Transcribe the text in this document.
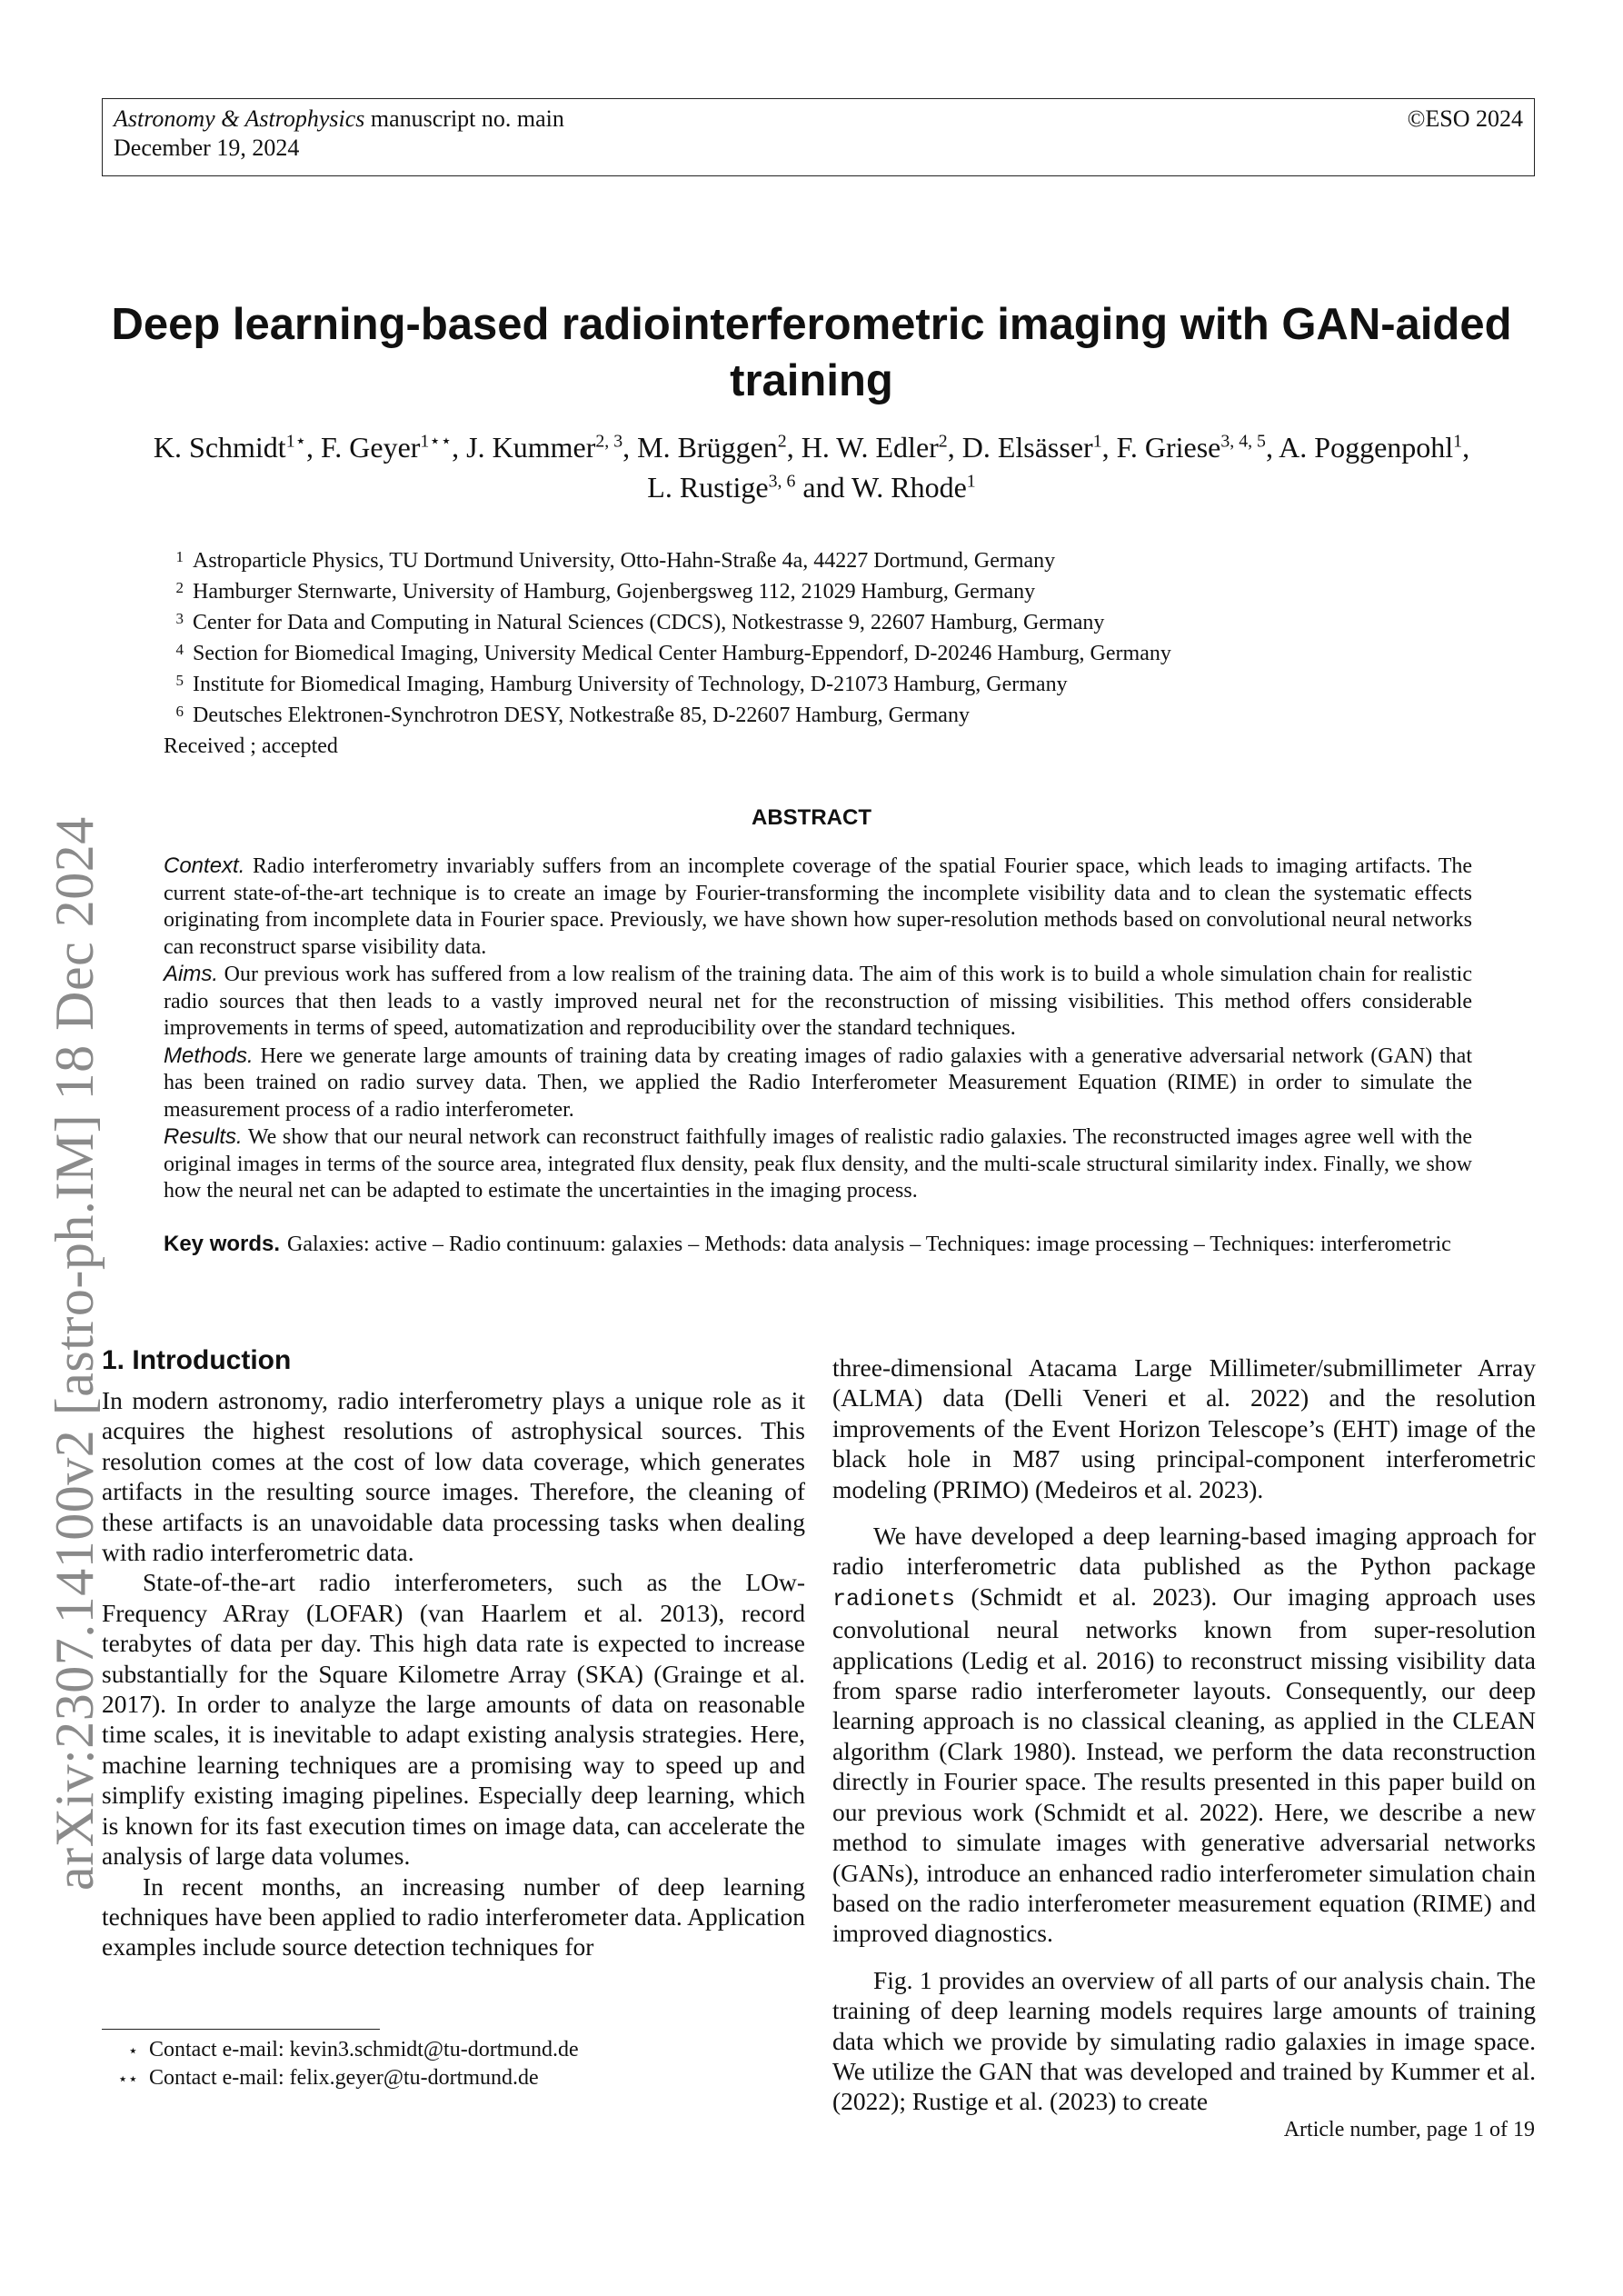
Astronomy & Astrophysics manuscript no. main
December 19, 2024
©ESO 2024
arXiv:2307.14100v2 [astro-ph.IM] 18 Dec 2024
Deep learning-based radiointerferometric imaging with GAN-aided training
K. Schmidt$^{1⋆}$, F. Geyer$^{1⋆⋆}$, J. Kummer$^{2, 3}$, M. Brüggen$^2$, H. W. Edler$^2$, D. Elsässer$^1$, F. Griese$^{3, 4, 5}$, A. Poggenpohl$^1$,
L. Rustige$^{3, 6}$ and W. Rhode$^1$
1 Astroparticle Physics, TU Dortmund University, Otto-Hahn-Straße 4a, 44227 Dortmund, Germany
2 Hamburger Sternwarte, University of Hamburg, Gojenbergsweg 112, 21029 Hamburg, Germany
3 Center for Data and Computing in Natural Sciences (CDCS), Notkestrasse 9, 22607 Hamburg, Germany
4 Section for Biomedical Imaging, University Medical Center Hamburg-Eppendorf, D-20246 Hamburg, Germany
5 Institute for Biomedical Imaging, Hamburg University of Technology, D-21073 Hamburg, Germany
6 Deutsches Elektronen-Synchrotron DESY, Notkestraße 85, D-22607 Hamburg, Germany
Received ; accepted
ABSTRACT

Context. Radio interferometry invariably suffers from an incomplete coverage of the spatial Fourier space, which leads to imaging artifacts. The current state-of-the-art technique is to create an image by Fourier-transforming the incomplete visibility data and to clean the systematic effects originating from incomplete data in Fourier space. Previously, we have shown how super-resolution methods based on convolutional neural networks can reconstruct sparse visibility data.

Aims. Our previous work has suffered from a low realism of the training data. The aim of this work is to build a whole simulation chain for realistic radio sources that then leads to a vastly improved neural net for the reconstruction of missing visibilities. This method offers considerable improvements in terms of speed, automatization and reproducibility over the standard techniques.

Methods. Here we generate large amounts of training data by creating images of radio galaxies with a generative adversarial network (GAN) that has been trained on radio survey data. Then, we applied the Radio Interferometer Measurement Equation (RIME) in order to simulate the measurement process of a radio interferometer.

Results. We show that our neural network can reconstruct faithfully images of realistic radio galaxies. The reconstructed images agree well with the original images in terms of the source area, integrated flux density, peak flux density, and the multi-scale structural similarity index. Finally, we show how the neural net can be adapted to estimate the uncertainties in the imaging process.

Key words. Galaxies: active – Radio continuum: galaxies – Methods: data analysis – Techniques: image processing – Techniques: interferometric
1. Introduction

In modern astronomy, radio interferometry plays a unique role as it acquires the highest resolutions of astrophysical sources. This resolution comes at the cost of low data coverage, which generates artifacts in the resulting source images. Therefore, the cleaning of these artifacts is an unavoidable data processing tasks when dealing with radio interferometric data.

State-of-the-art radio interferometers, such as the LOw-Frequency ARray (LOFAR) (van Haarlem et al. 2013), record terabytes of data per day. This high data rate is expected to increase substantially for the Square Kilometre Array (SKA) (Grainge et al. 2017). In order to analyze the large amounts of data on reasonable time scales, it is inevitable to adapt existing analysis strategies. Here, machine learning techniques are a promising way to speed up and simplify existing imaging pipelines. Especially deep learning, which is known for its fast execution times on image data, can accelerate the analysis of large data volumes.

In recent months, an increasing number of deep learning techniques have been applied to radio interferometer data. Application examples include source detection techniques for

three-dimensional Atacama Large Millimeter/submillimeter Array (ALMA) data (Delli Veneri et al. 2022) and the resolution improvements of the Event Horizon Telescope’s (EHT) image of the black hole in M87 using principal-component interferometric modeling (PRIMO) (Medeiros et al. 2023).

We have developed a deep learning-based imaging approach for radio interferometric data published as the Python package radionets (Schmidt et al. 2023). Our imaging approach uses convolutional neural networks known from super-resolution applications (Ledig et al. 2016) to reconstruct missing visibility data from sparse radio interferometer layouts. Consequently, our deep learning approach is no classical cleaning, as applied in the CLEAN algorithm (Clark 1980). Instead, we perform the data reconstruction directly in Fourier space. The results presented in this paper build on our previous work (Schmidt et al. 2022). Here, we describe a new method to simulate images with generative adversarial networks (GANs), introduce an enhanced radio interferometer simulation chain based on the radio interferometer measurement equation (RIME) and improved diagnostics.

Fig. 1 provides an overview of all parts of our analysis chain. The training of deep learning models requires large amounts of training data which we provide by simulating radio galaxies in image space. We utilize the GAN that was developed and trained by Kummer et al. (2022); Rustige et al. (2023) to create

⋆ Contact e-mail: kevin3.schmidt@tu-dortmund.de
⋆⋆ Contact e-mail: felix.geyer@tu-dortmund.de
Article number, page 1 of 19
